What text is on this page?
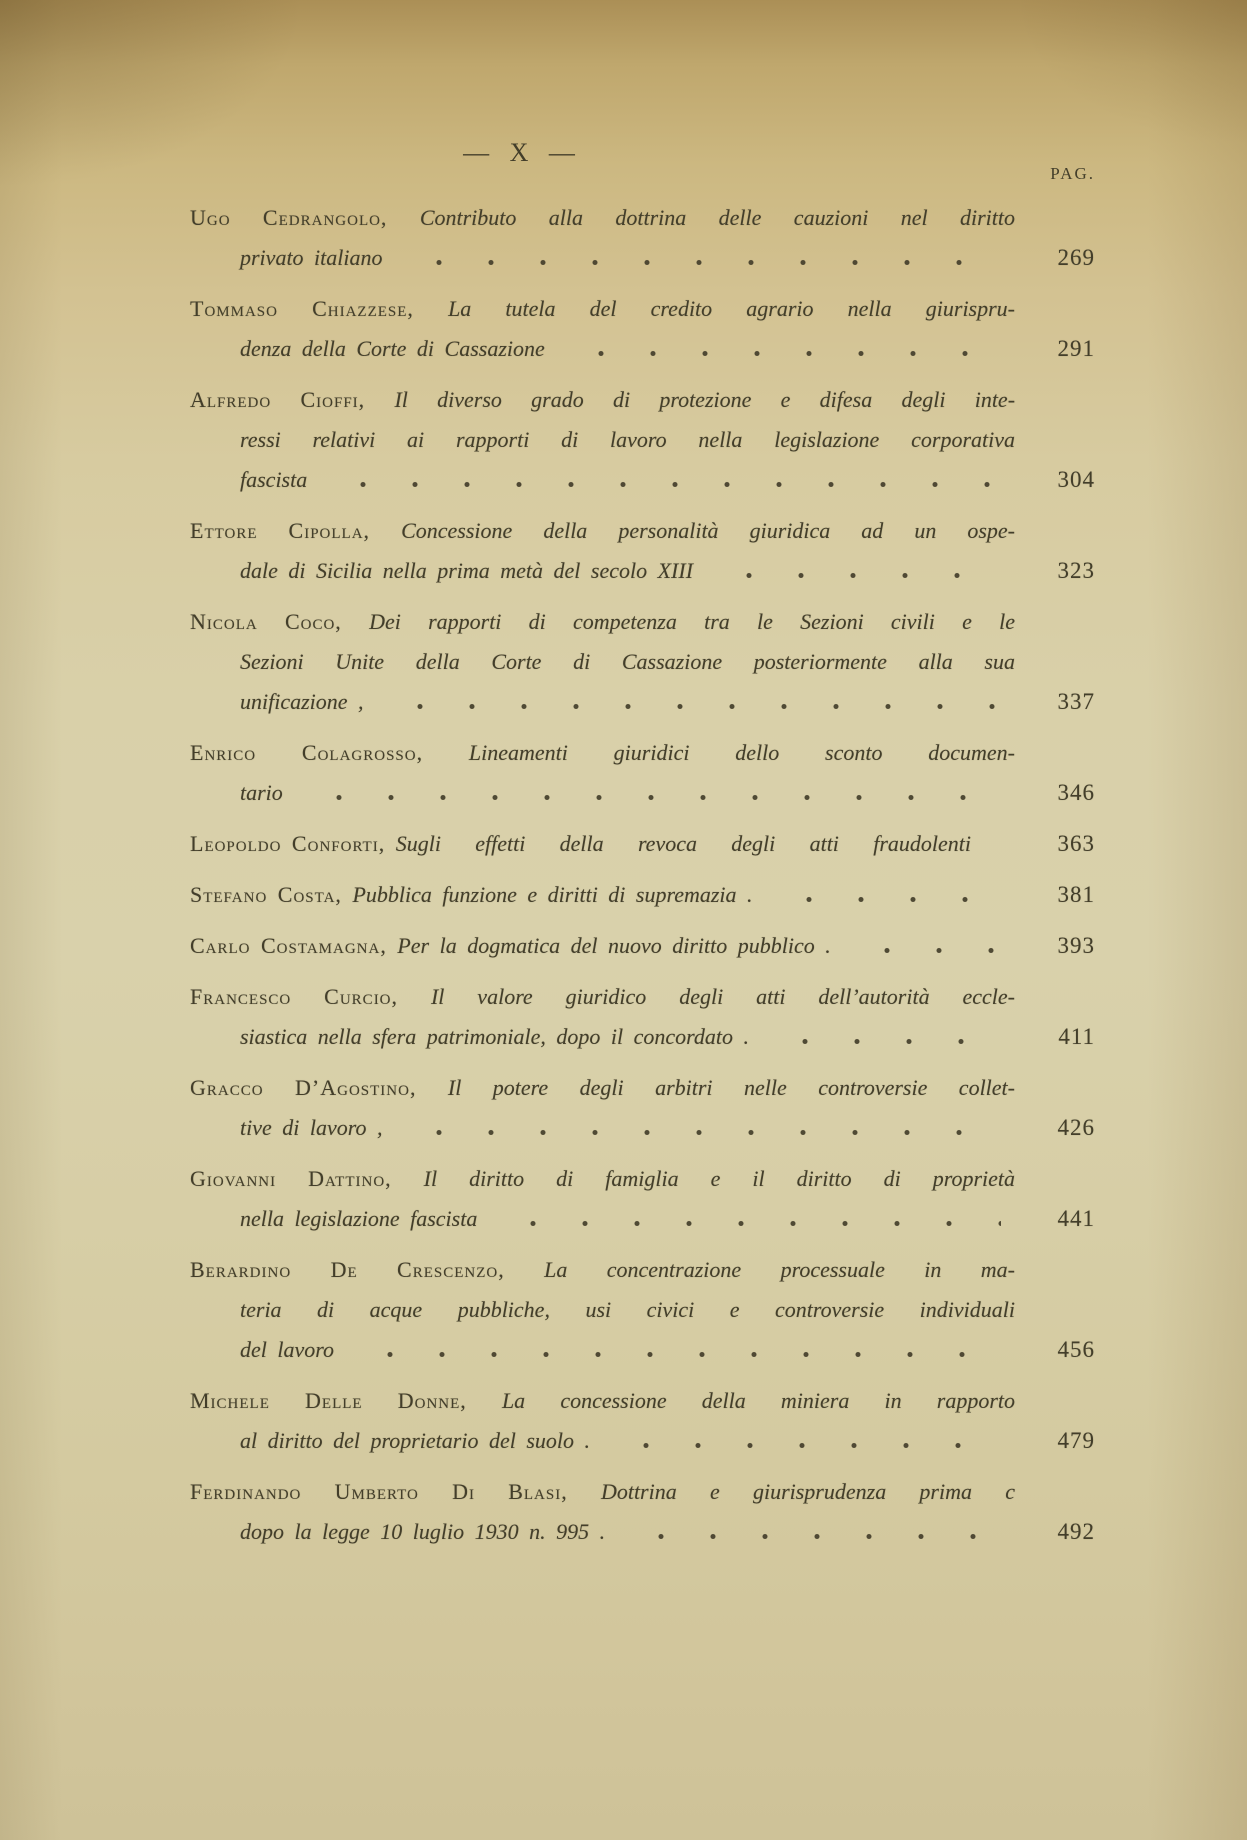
— X —
PAG.
Ugo Cedrangolo, Contributo alla dottrina delle cauzioni nel diritto
privato italiano	269
Tommaso Chiazzese, La tutela del credito agrario nella giurispru-
denza della Corte di Cassazione	291
Alfredo Cioffi, Il diverso grado di protezione e difesa degli inte-
ressi relativi ai rapporti di lavoro nella legislazione corporativa
fascista	304
Ettore Cipolla, Concessione della personalità giuridica ad un ospe-
dale di Sicilia nella prima metà del secolo XIII	323
Nicola Coco, Dei rapporti di competenza tra le Sezioni civili e le
Sezioni Unite della Corte di Cassazione posteriormente alla sua
unificazione ,	337
Enrico Colagrosso, Lineamenti giuridici dello sconto documen-
tario	346
Leopoldo Conforti,
Sugli effetti della revoca degli atti fraudolenti	363
Stefano Costa,
Pubblica funzione e diritti di supremazia .	381
Carlo Costamagna,
Per la dogmatica del nuovo diritto pubblico .	393
Francesco Curcio, Il valore giuridico degli atti dell’autorità eccle-
siastica nella sfera patrimoniale, dopo il concordato .	411
Gracco D’Agostino, Il potere degli arbitri nelle controversie collet-
tive di lavoro ,	426
Giovanni Dattino, Il diritto di famiglia e il diritto di proprietà
nella legislazione fascista	441
Berardino De Crescenzo, La concentrazione processuale in ma-
teria di acque pubbliche, usi civici e controversie individuali
del lavoro	456
Michele Delle Donne, La concessione della miniera in rapporto
al diritto del proprietario del suolo .	479
Ferdinando Umberto Di Blasi, Dottrina e giurisprudenza prima c
dopo la legge 10 luglio 1930 n. 995 .	492
